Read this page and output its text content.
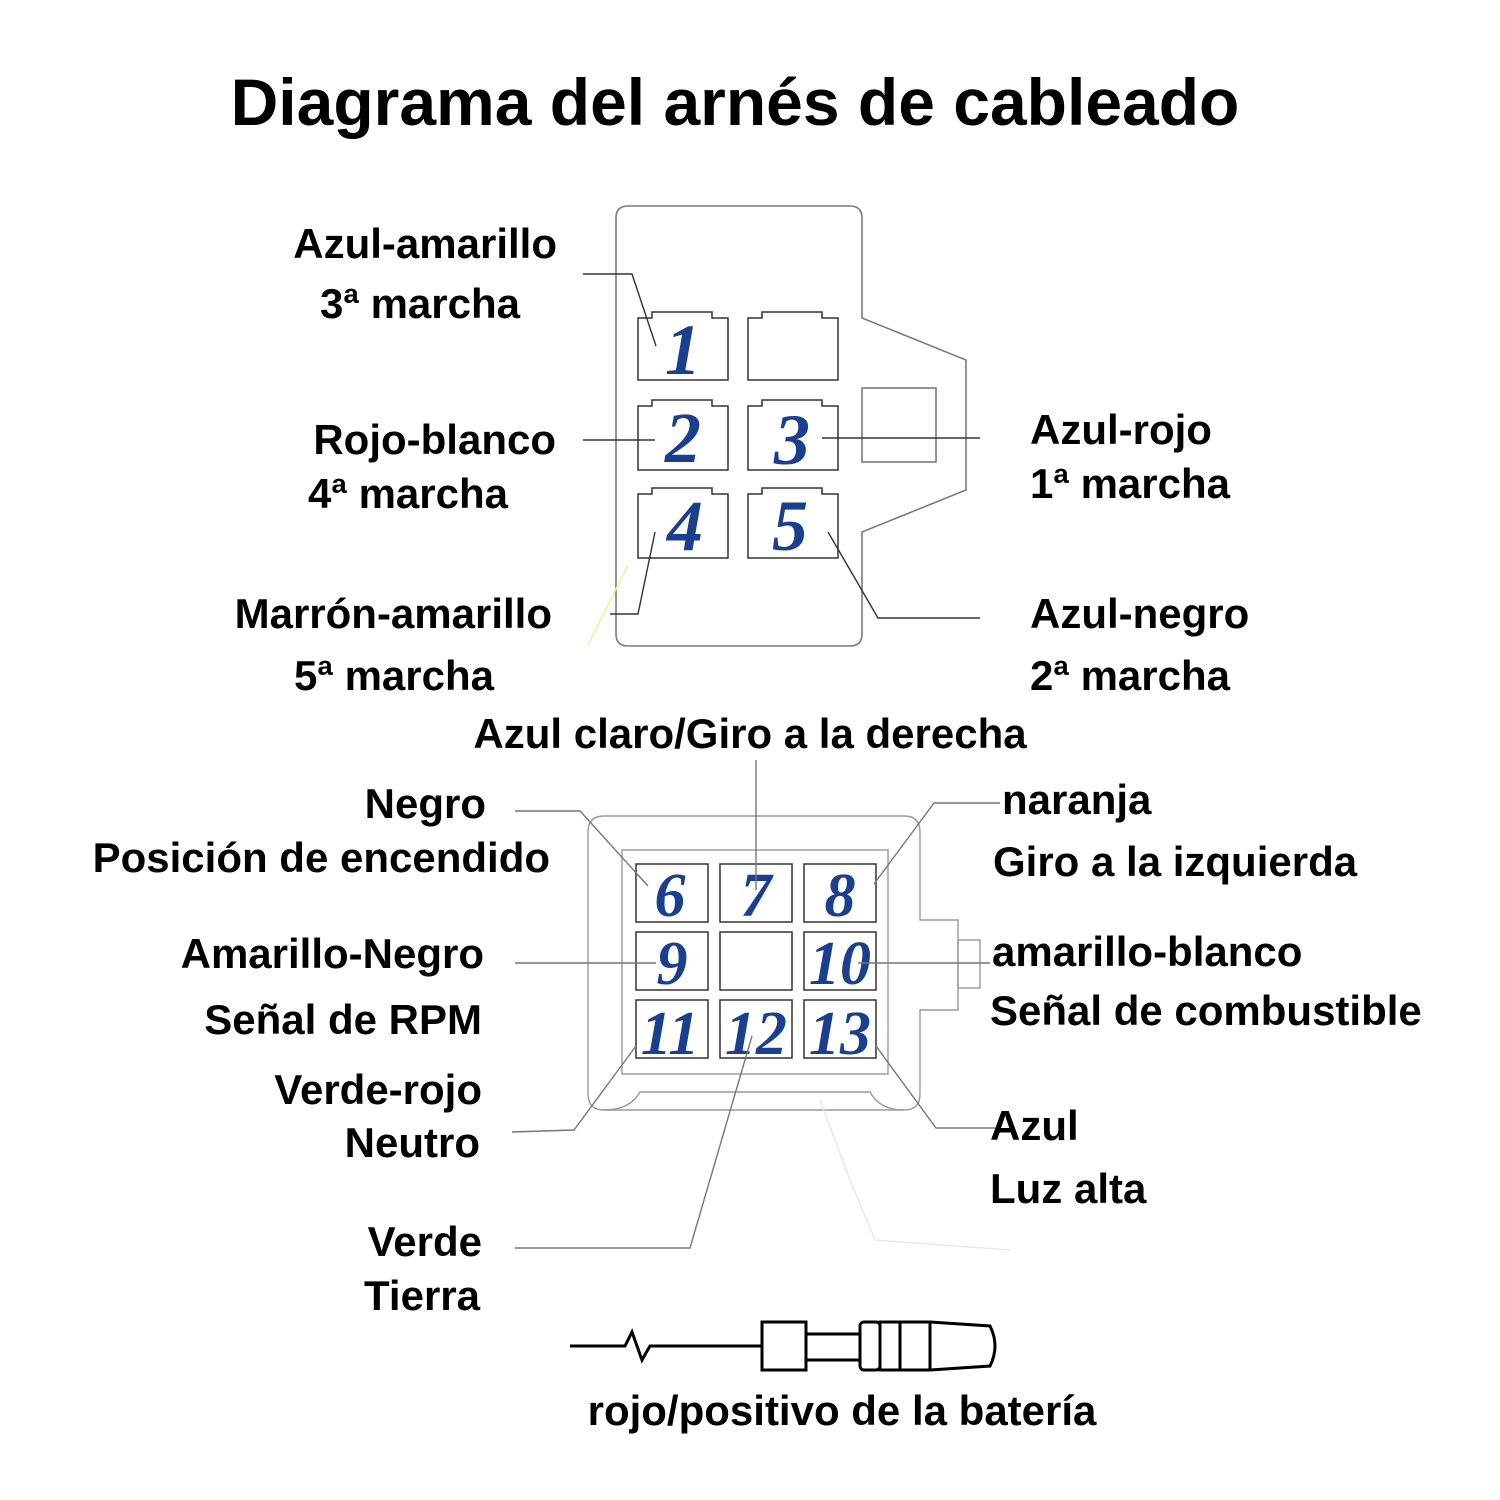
Diagrama del arnés de cableado
1
2 3
4 5
Azul-amarillo
3ª marcha
Rojo-blanco
4ª marcha
Azul-rojo
1ª marcha
Marrón-amarillo
5ª marcha
Azul-negro
2ª marcha
6 7 8
9 10
11 12 13
Azul claro/Giro a la derecha
Negro
Posición de encendido
naranja
Giro a la izquierda
Amarillo-Negro
Señal de RPM
amarillo-blanco
Señal de combustible
Verde-rojo
Neutro
Verde
Tierra
Azul
Luz alta
rojo/positivo de la batería
